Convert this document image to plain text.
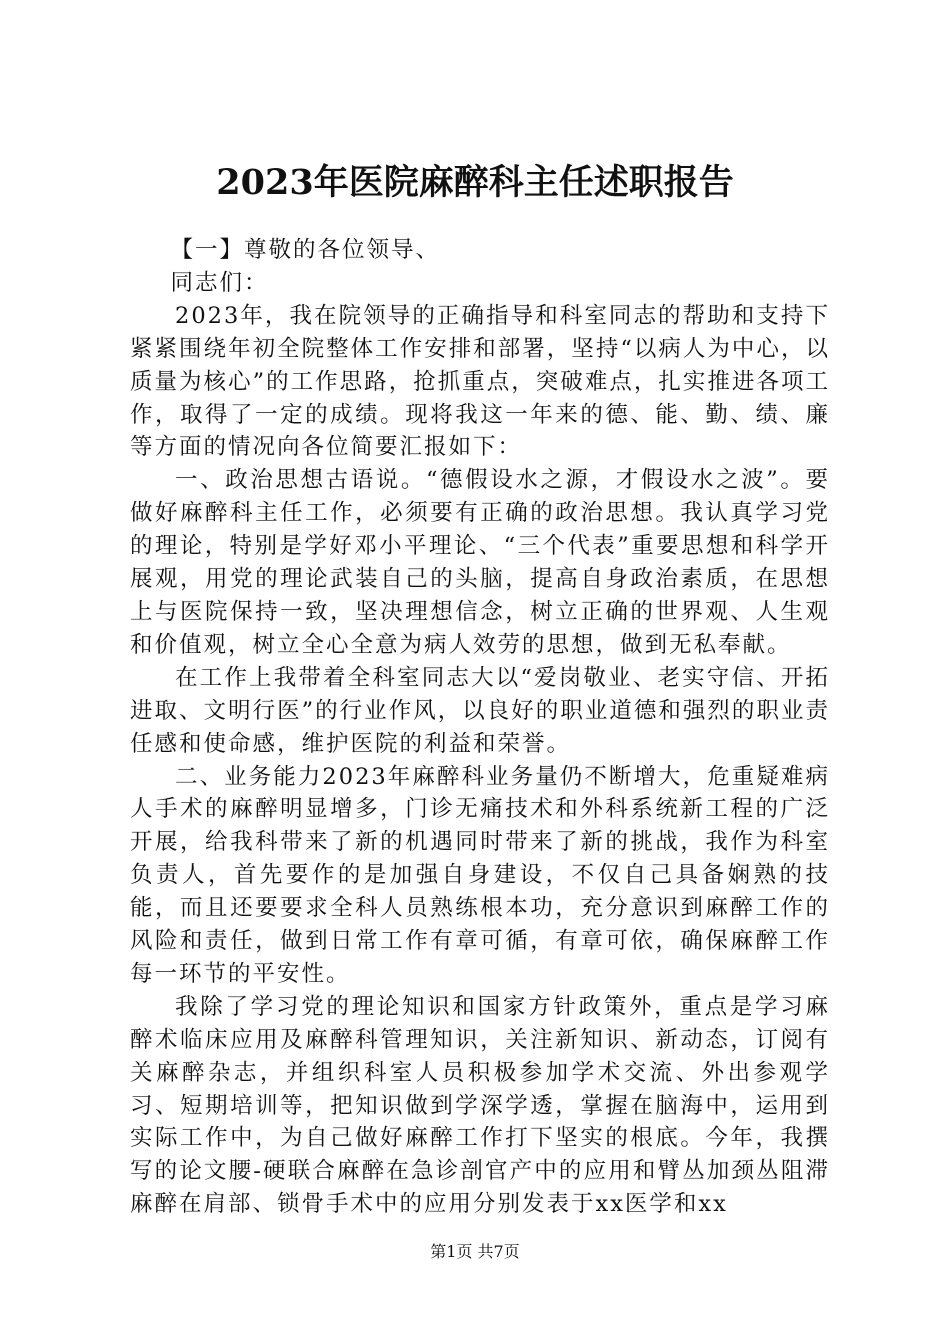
2023年医院麻醉科主任述职报告

【一】尊敬的各位领导、

同志们：

2023年，我在院领导的正确指导和科室同志的帮助和支持下紧紧围绕年初全院整体工作安排和部署，坚持“以病人为中心，以质量为核心”的工作思路，抢抓重点，突破难点，扎实推进各项工作，取得了一定的成绩。现将我这一年来的德、能、勤、绩、廉等方面的情况向各位简要汇报如下：

一、政治思想古语说。“德假设水之源，才假设水之波”。要做好麻醉科主任工作，必须要有正确的政治思想。我认真学习党的理论，特别是学好邓小平理论、“三个代表”重要思想和科学开展观，用党的理论武装自己的头脑，提高自身政治素质，在思想上与医院保持一致，坚决理想信念，树立正确的世界观、人生观和价值观，树立全心全意为病人效劳的思想，做到无私奉献。

在工作上我带着全科室同志大以“爱岗敬业、老实守信、开拓进取、文明行医”的行业作风，以良好的职业道德和强烈的职业责任感和使命感，维护医院的利益和荣誉。

二、业务能力2023年麻醉科业务量仍不断增大，危重疑难病人手术的麻醉明显增多，门诊无痛技术和外科系统新工程的广泛开展，给我科带来了新的机遇同时带来了新的挑战，我作为科室负责人，首先要作的是加强自身建设，不仅自己具备娴熟的技能，而且还要要求全科人员熟练根本功，充分意识到麻醉工作的风险和责任，做到日常工作有章可循，有章可依，确保麻醉工作每一环节的平安性。

我除了学习党的理论知识和国家方针政策外，重点是学习麻醉术临床应用及麻醉科管理知识，关注新知识、新动态，订阅有关麻醉杂志，并组织科室人员积极参加学术交流、外出参观学习、短期培训等，把知识做到学深学透，掌握在脑海中，运用到实际工作中，为自己做好麻醉工作打下坚实的根底。今年，我撰写的论文腰-硬联合麻醉在急诊剖官产中的应用和臂丛加颈丛阻滞麻醉在肩部、锁骨手术中的应用分别发表于xx医学和xx

第1页 共7页
